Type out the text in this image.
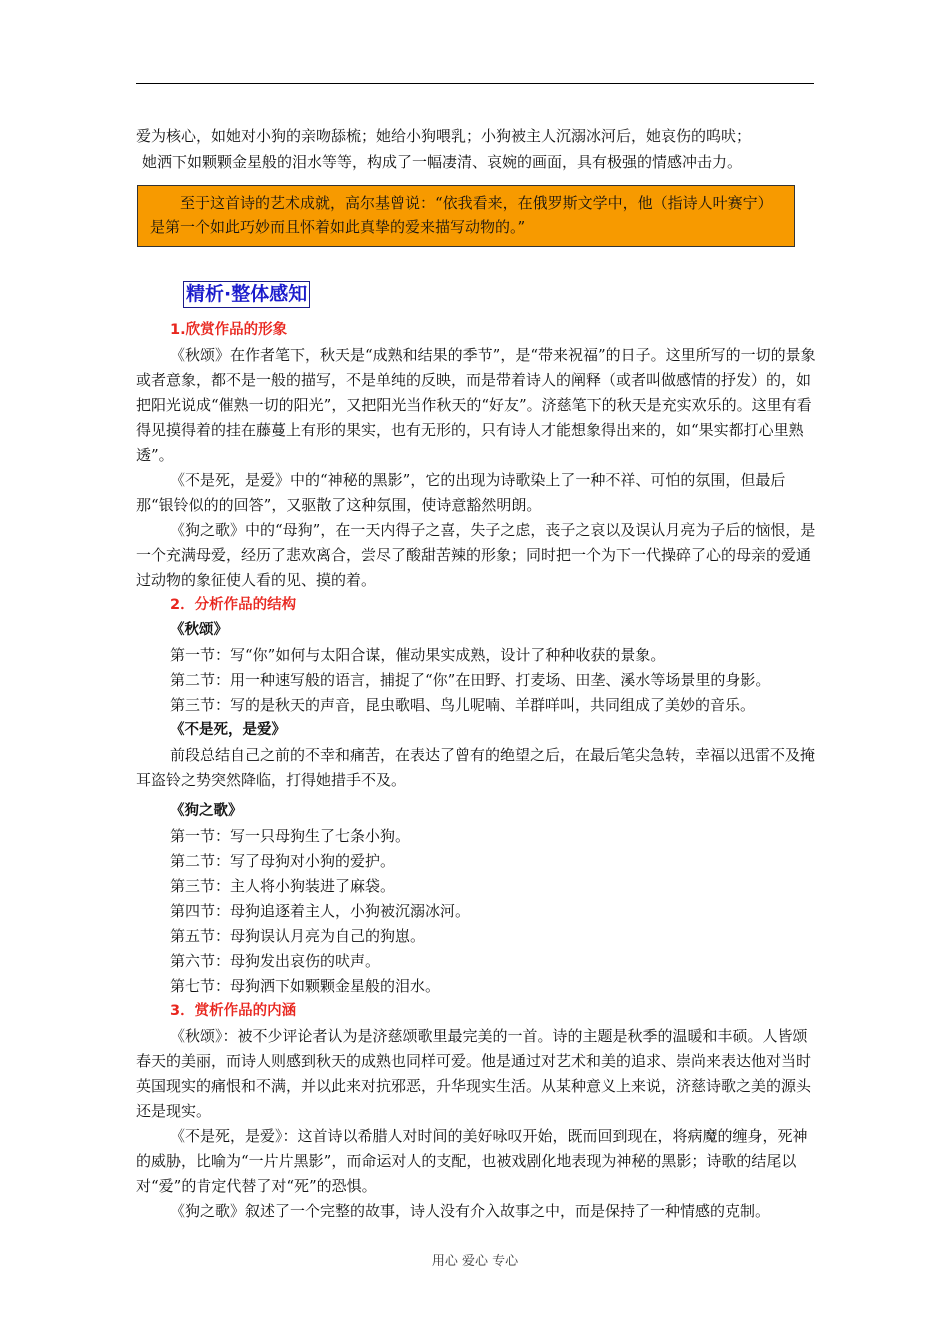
爱为核心，如她对小狗的亲吻舔梳；她给小狗喂乳；小狗被主人沉溺冰河后，她哀伤的呜吠；
她洒下如颗颗金星般的泪水等等，构成了一幅凄清、哀婉的画面，具有极强的情感冲击力。
至于这首诗的艺术成就，高尔基曾说：“依我看来，在俄罗斯文学中，他（指诗人叶赛宁）是第一个如此巧妙而且怀着如此真挚的爱来描写动物的。”
精析·整体感知

1.欣赏作品的形象

《秋颂》在作者笔下，秋天是“成熟和结果的季节”，是“带来祝福”的日子。这里所写的一切的景象或者意象，都不是一般的描写，不是单纯的反映，而是带着诗人的阐释（或者叫做感情的抒发）的，如把阳光说成“催熟一切的阳光”，又把阳光当作秋天的“好友”。济慈笔下的秋天是充实欢乐的。这里有看得见摸得着的挂在藤蔓上有形的果实，也有无形的，只有诗人才能想象得出来的，如“果实都打心里熟透”。

《不是死，是爱》中的“神秘的黑影”，它的出现为诗歌染上了一种不祥、可怕的氛围，但最后那“银铃似的的回答”，又驱散了这种氛围，使诗意豁然明朗。

《狗之歌》中的“母狗”，在一天内得子之喜，失子之虑，丧子之哀以及误认月亮为子后的恼恨，是一个充满母爱，经历了悲欢离合，尝尽了酸甜苦辣的形象；同时把一个为下一代操碎了心的母亲的爱通过动物的象征使人看的见、摸的着。

2．分析作品的结构

《秋颂》

第一节：写“你”如何与太阳合谋，催动果实成熟，设计了种种收获的景象。

第二节：用一种速写般的语言，捕捉了“你”在田野、打麦场、田垄、溪水等场景里的身影。

第三节：写的是秋天的声音，昆虫歌唱、鸟儿呢喃、羊群咩叫，共同组成了美妙的音乐。

《不是死，是爱》

前段总结自己之前的不幸和痛苦，在表达了曾有的绝望之后，在最后笔尖急转，幸福以迅雷不及掩耳盗铃之势突然降临，打得她措手不及。

《狗之歌》

第一节：写一只母狗生了七条小狗。

第二节：写了母狗对小狗的爱护。

第三节：主人将小狗装进了麻袋。

第四节：母狗追逐着主人，小狗被沉溺冰河。

第五节：母狗误认月亮为自己的狗崽。

第六节：母狗发出哀伤的吠声。

第七节：母狗洒下如颗颗金星般的泪水。

3．赏析作品的内涵

《秋颂》：被不少评论者认为是济慈颂歌里最完美的一首。诗的主题是秋季的温暖和丰硕。人皆颂春天的美丽，而诗人则感到秋天的成熟也同样可爱。他是通过对艺术和美的追求、崇尚来表达他对当时英国现实的痛恨和不满，并以此来对抗邪恶，升华现实生活。从某种意义上来说，济慈诗歌之美的源头还是现实。

《不是死，是爱》：这首诗以希腊人对时间的美好咏叹开始，既而回到现在，将病魔的缠身，死神的威胁，比喻为“一片片黑影”，而命运对人的支配，也被戏剧化地表现为神秘的黑影；诗歌的结尾以对“爱”的肯定代替了对“死”的恐惧。

《狗之歌》叙述了一个完整的故事，诗人没有介入故事之中，而是保持了一种情感的克制。

用心 爱心 专心
